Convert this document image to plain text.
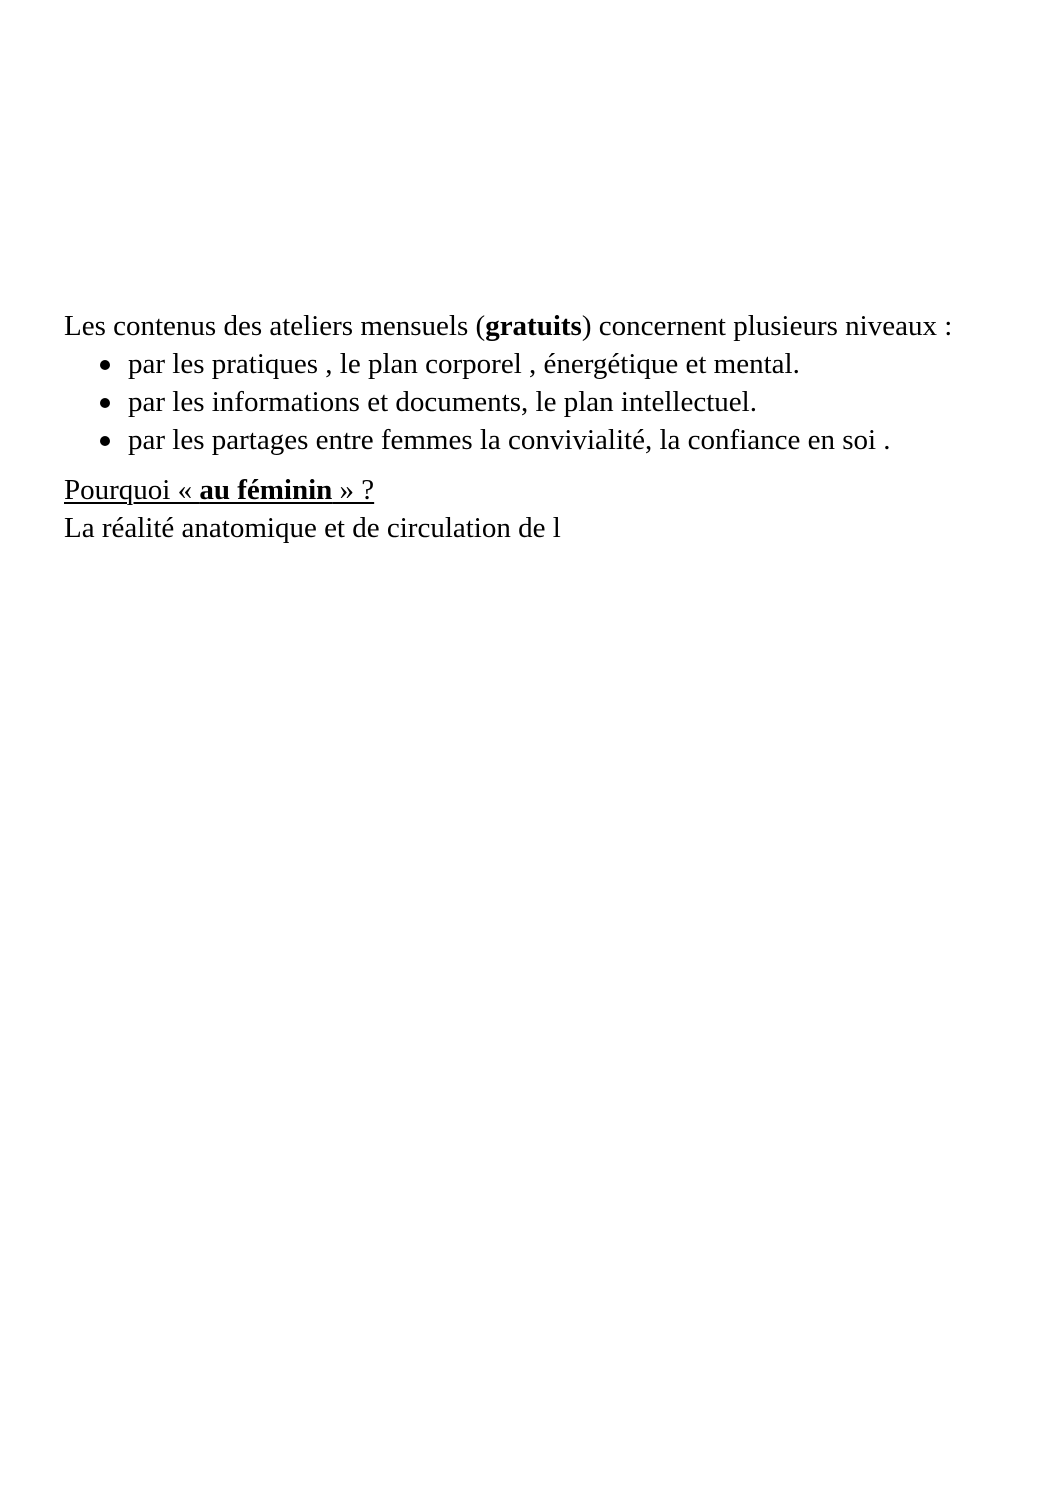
Les contenus des ateliers mensuels (gratuits) concernent plusieurs niveaux :

par les pratiques , le plan corporel , énergétique et mental.
par les informations et documents, le plan intellectuel.
par les partages entre femmes la convivialité, la confiance en soi .
Pourquoi « au féminin » ?
La réalité anatomique et de circulation de l
